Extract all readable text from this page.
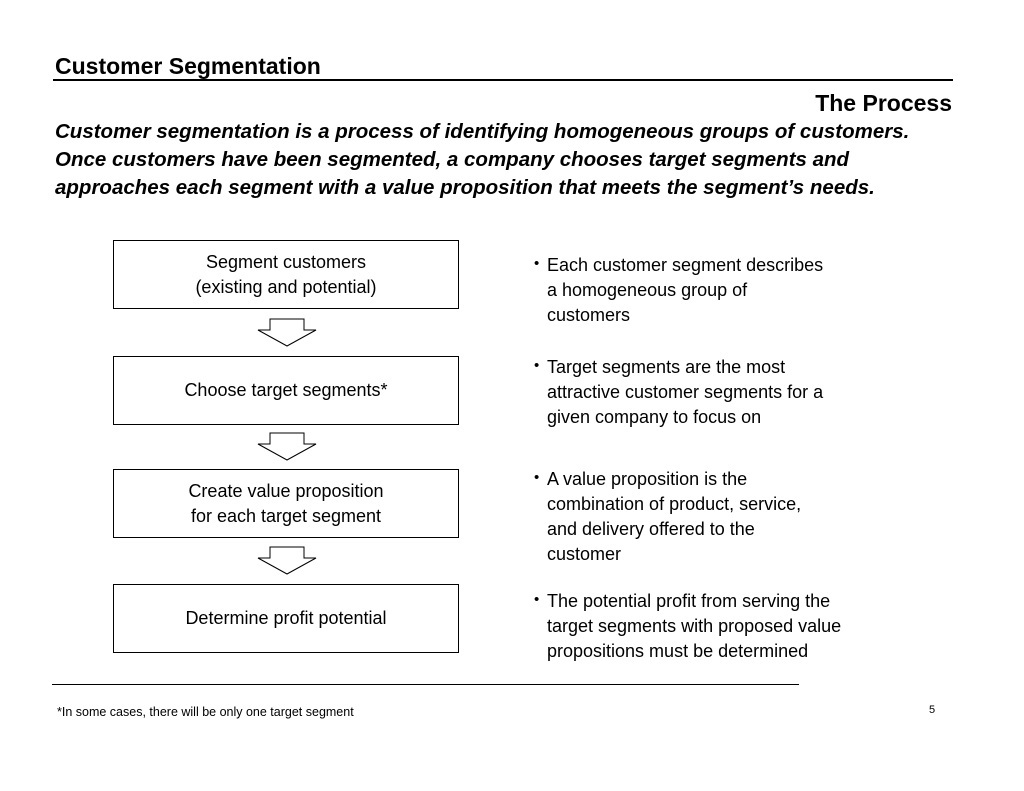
Customer Segmentation
The Process
Customer segmentation is a process of identifying homogeneous groups of customers. Once customers have been segmented, a company chooses target segments and approaches each segment with a value proposition that meets the segment’s needs.
Segment customers
(existing and potential)
Choose target segments*
Create value proposition
for each target segment
Determine profit potential
• Each customer segment describes
a homogeneous group of
customers
• Target segments are the most
attractive customer segments for a
given company to focus on
• A value proposition is the
combination of product, service,
and delivery offered to the
customer
• The potential profit from serving the
target segments with proposed value
propositions must be determined
*In some cases, there will be only one target segment	5
